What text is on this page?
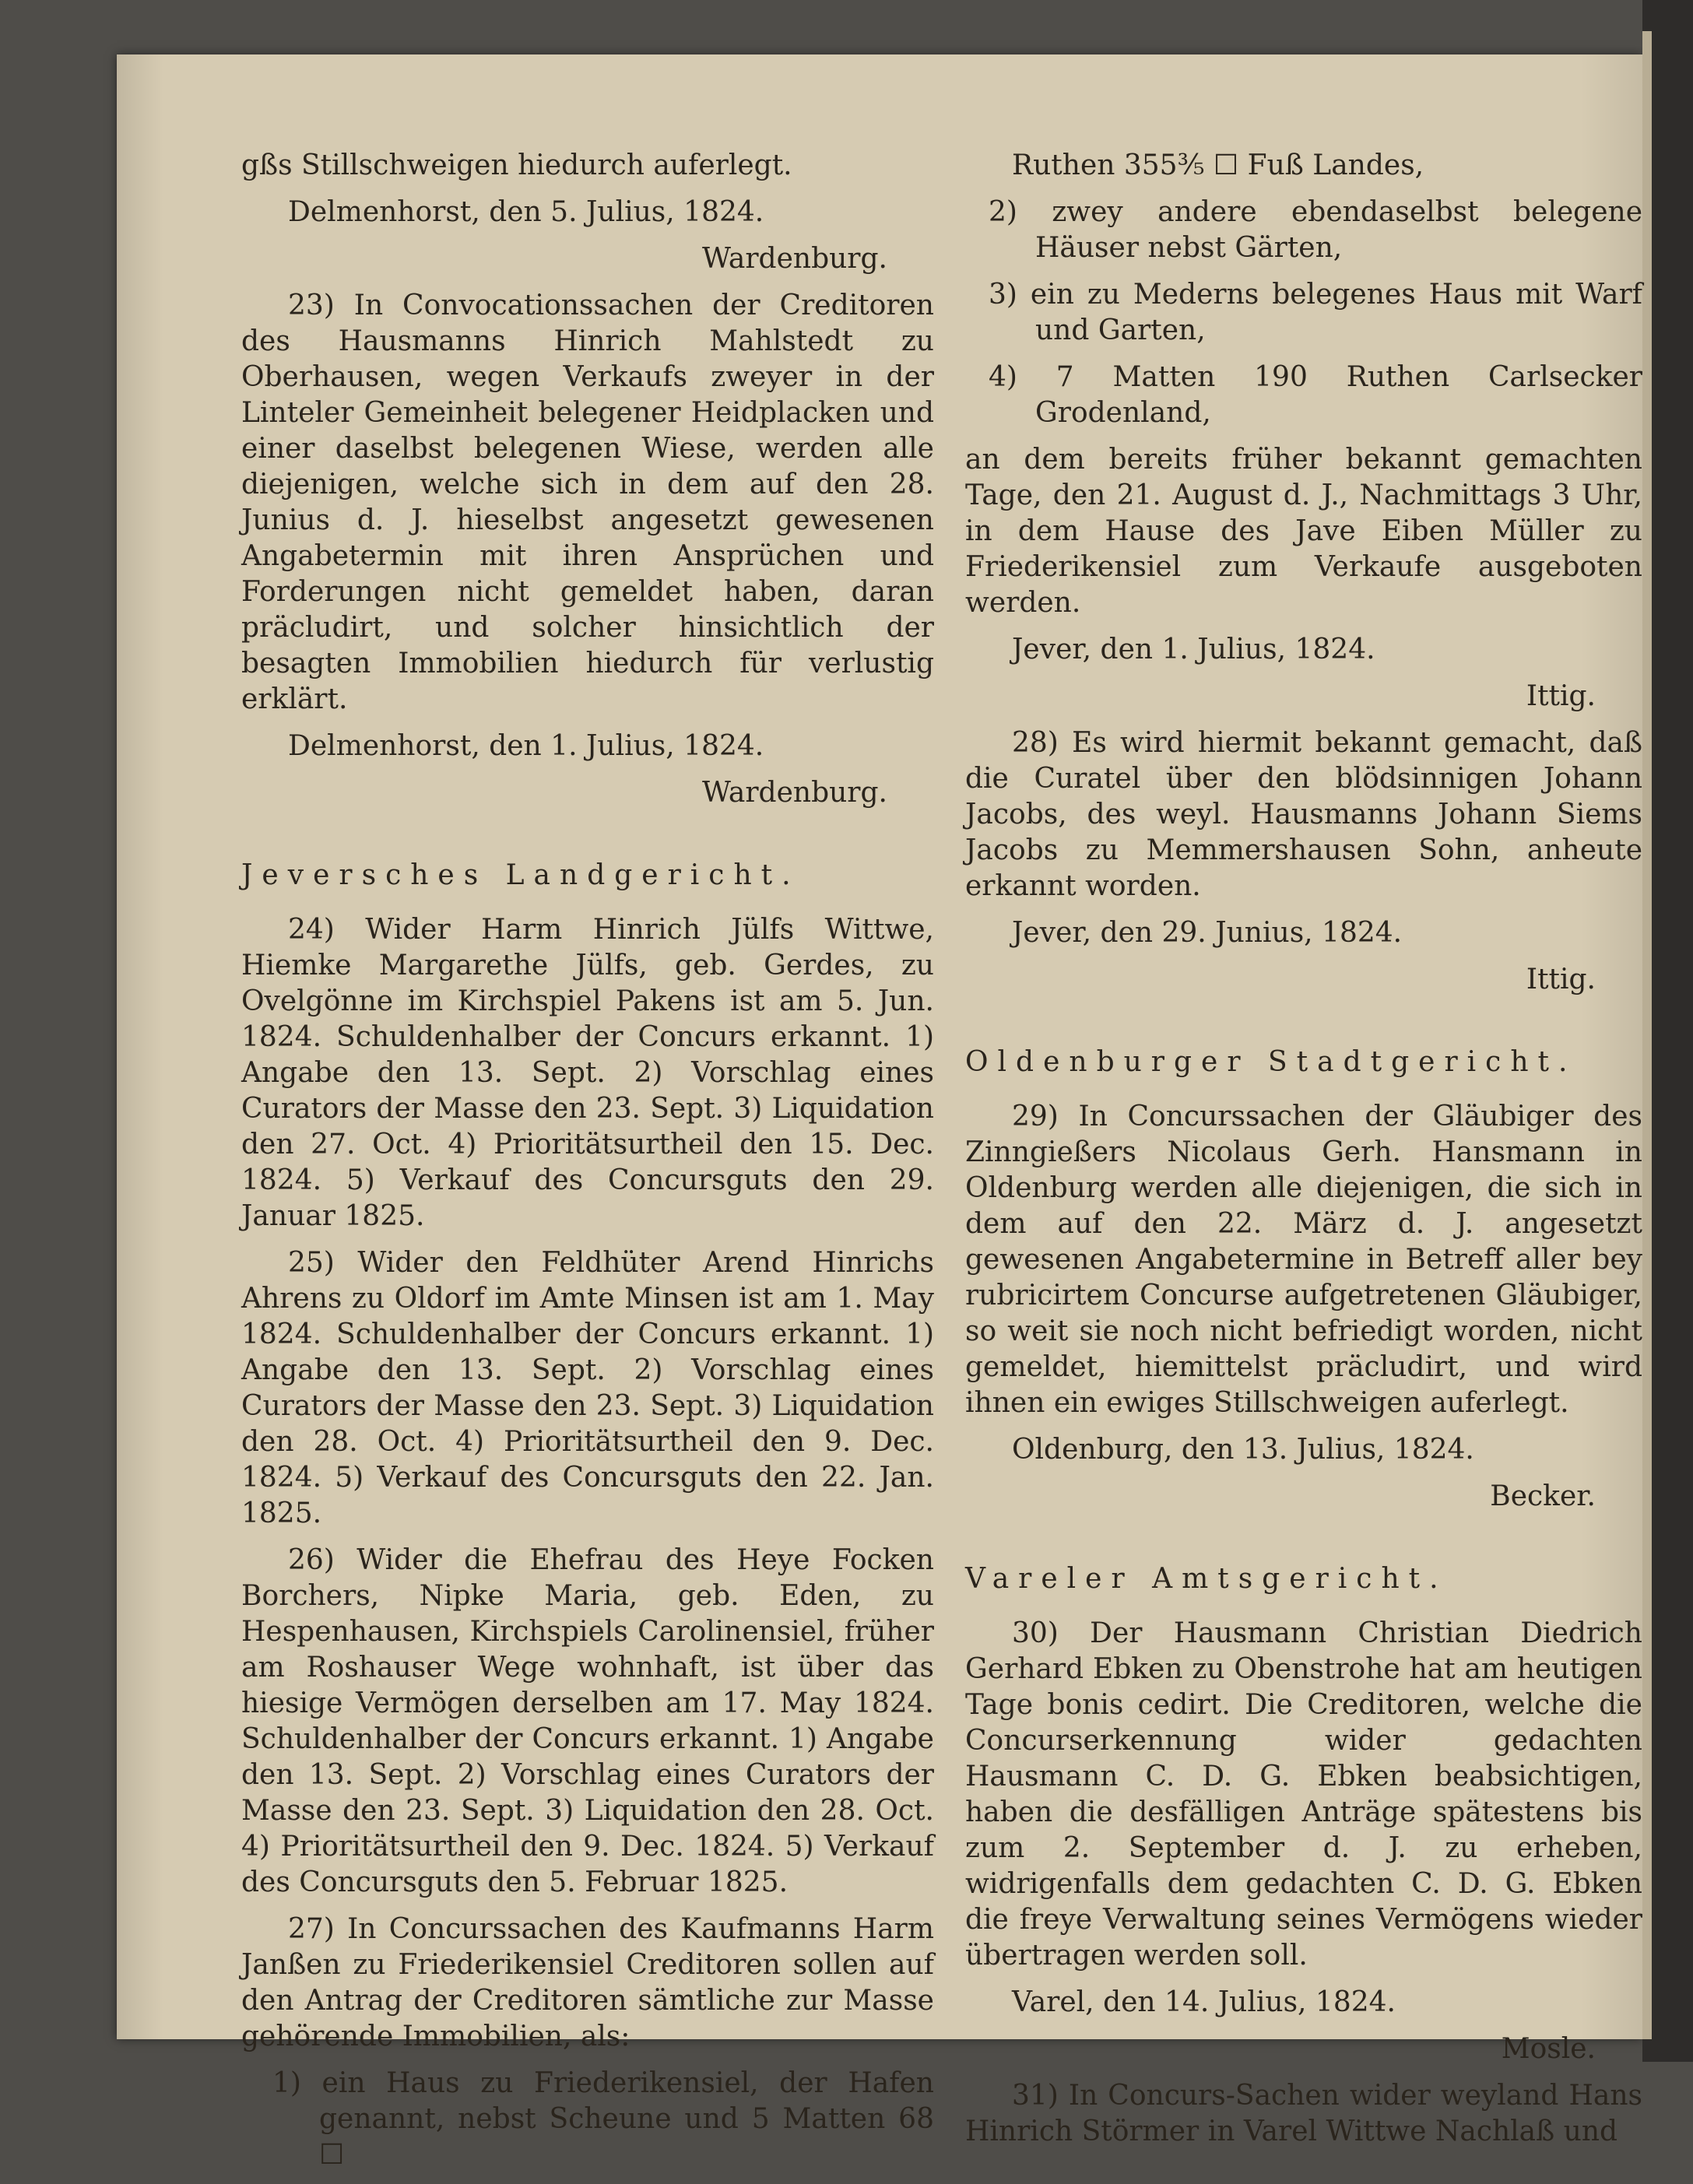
gßs Stillschweigen hiedurch auferlegt.

Delmenhorst, den 5. Julius, 1824.

Wardenburg.

23) In Convocationssachen der Creditoren des Hausmanns Hinrich Mahlstedt zu Oberhausen, wegen Verkaufs zweyer in der Linteler Gemeinheit belegener Heidplacken und einer daselbst belegenen Wiese, werden alle diejenigen, welche sich in dem auf den 28. Junius d. J. hieselbst angesetzt gewesenen Angabetermin mit ihren Ansprüchen und Forderungen nicht gemeldet haben, daran präcludirt, und solcher hinsichtlich der besagten Immobilien hiedurch für verlustig erklärt.

Delmenhorst, den 1. Julius, 1824.

Wardenburg.

Jeversches Landgericht.

24) Wider Harm Hinrich Jülfs Wittwe, Hiemke Margarethe Jülfs, geb. Gerdes, zu Ovelgönne im Kirchspiel Pakens ist am 5. Jun. 1824. Schuldenhalber der Concurs erkannt. 1) Angabe den 13. Sept. 2) Vorschlag eines Curators der Masse den 23. Sept. 3) Liquidation den 27. Oct. 4) Prioritätsurtheil den 15. Dec. 1824. 5) Verkauf des Concursguts den 29. Januar 1825.

25) Wider den Feldhüter Arend Hinrichs Ahrens zu Oldorf im Amte Minsen ist am 1. May 1824. Schuldenhalber der Concurs erkannt. 1) Angabe den 13. Sept. 2) Vorschlag eines Curators der Masse den 23. Sept. 3) Liquidation den 28. Oct. 4) Prioritätsurtheil den 9. Dec. 1824. 5) Verkauf des Concursguts den 22. Jan. 1825.

26) Wider die Ehefrau des Heye Focken Borchers, Nipke Maria, geb. Eden, zu Hespenhausen, Kirchspiels Carolinensiel, früher am Roshauser Wege wohnhaft, ist über das hiesige Vermögen derselben am 17. May 1824. Schuldenhalber der Concurs erkannt. 1) Angabe den 13. Sept. 2) Vorschlag eines Curators der Masse den 23. Sept. 3) Liquidation den 28. Oct. 4) Prioritätsurtheil den 9. Dec. 1824. 5) Verkauf des Concursguts den 5. Februar 1825.

27) In Concurssachen des Kaufmanns Harm Janßen zu Friederikensiel Creditoren sollen auf den Antrag der Creditoren sämtliche zur Masse gehörende Immobilien, als:

1) ein Haus zu Friederikensiel, der Hafen genannt, nebst Scheune und 5 Matten 68 ☐

Ruthen 355⅗ ☐ Fuß Landes,

2) zwey andere ebendaselbst belegene Häuser nebst Gärten,

3) ein zu Mederns belegenes Haus mit Warf und Garten,

4) 7 Matten 190 Ruthen Carlsecker Grodenland,

an dem bereits früher bekannt gemachten Tage, den 21. August d. J., Nachmittags 3 Uhr, in dem Hause des Jave Eiben Müller zu Friederikensiel zum Verkaufe ausgeboten werden.

Jever, den 1. Julius, 1824.

Ittig.

28) Es wird hiermit bekannt gemacht, daß die Curatel über den blödsinnigen Johann Jacobs, des weyl. Hausmanns Johann Siems Jacobs zu Memmershausen Sohn, anheute erkannt worden.

Jever, den 29. Junius, 1824.

Ittig.

Oldenburger Stadtgericht.

29) In Concurssachen der Gläubiger des Zinngießers Nicolaus Gerh. Hansmann in Oldenburg werden alle diejenigen, die sich in dem auf den 22. März d. J. angesetzt gewesenen Angabetermine in Betreff aller bey rubricirtem Concurse aufgetretenen Gläubiger, so weit sie noch nicht befriedigt worden, nicht gemeldet, hiemittelst präcludirt, und wird ihnen ein ewiges Stillschweigen auferlegt.

Oldenburg, den 13. Julius, 1824.

Becker.

Vareler Amtsgericht.

30) Der Hausmann Christian Diedrich Gerhard Ebken zu Obenstrohe hat am heutigen Tage bonis cedirt. Die Creditoren, welche die Concurserkennung wider gedachten Hausmann C. D. G. Ebken beabsichtigen, haben die desfälligen Anträge spätestens bis zum 2. September d. J. zu erheben, widrigenfalls dem gedachten C. D. G. Ebken die freye Verwaltung seines Vermögens wieder übertragen werden soll.

Varel, den 14. Julius, 1824.

Mosle.

31) In Concurs-Sachen wider weyland Hans Hinrich Störmer in Varel Wittwe Nachlaß und
